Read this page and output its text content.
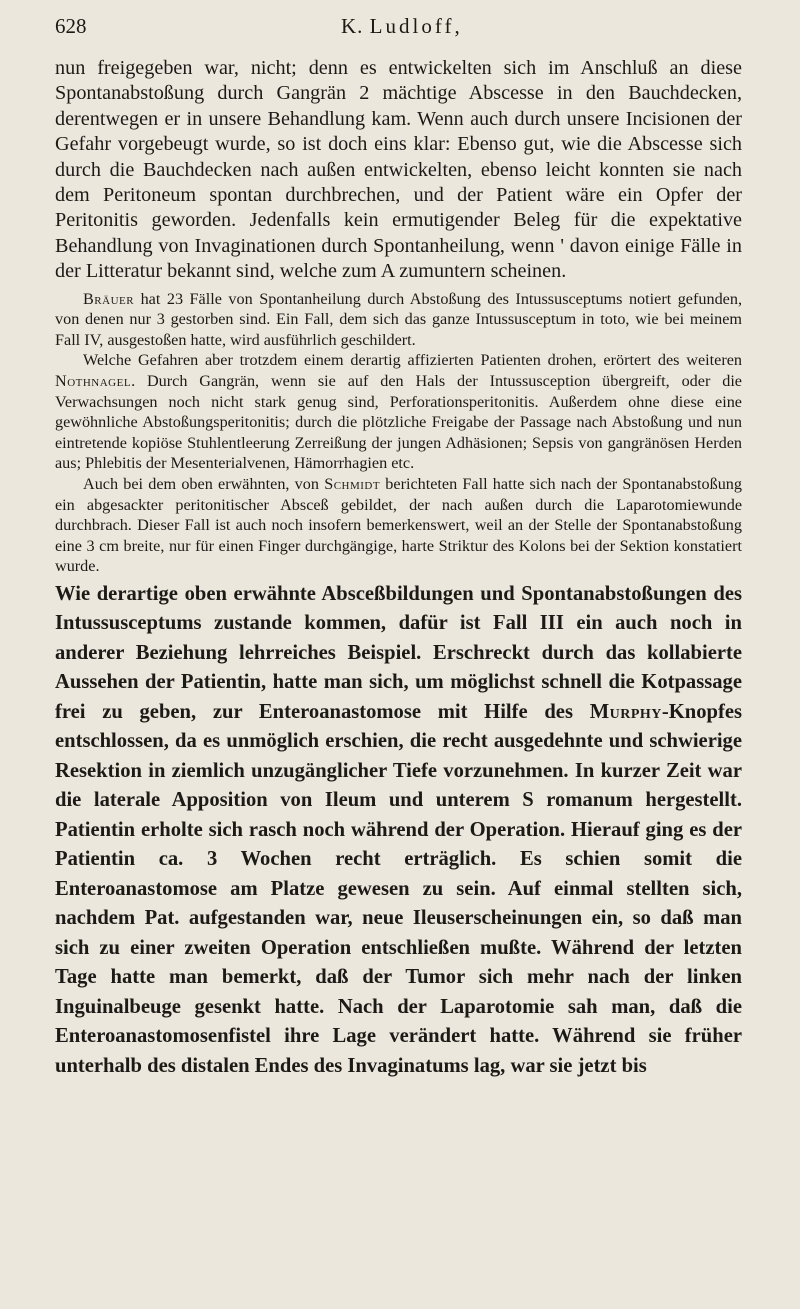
628	K. Ludloff,

nun freigegeben war, nicht; denn es entwickelten sich im Anschluß an diese Spontanabstoßung durch Gangrän 2 mächtige Abscesse in den Bauchdecken, derentwegen er in unsere Behandlung kam. Wenn auch durch unsere Incisionen der Gefahr vorgebeugt wurde, so ist doch eins klar: Ebenso gut, wie die Abscesse sich durch die Bauchdecken nach außen entwickelten, ebenso leicht konnten sie nach dem Peritoneum spontan durchbrechen, und der Patient wäre ein Opfer der Peritonitis geworden. Jedenfalls kein ermutigender Beleg für die expektative Behandlung von Invaginationen durch Spontanheilung, wenn ' davon einige Fälle in der Litteratur bekannt sind, welche zum A zumuntern scheinen.

Bräuer hat 23 Fälle von Spontanheilung durch Abstoßung des Intussusceptums notiert gefunden, von denen nur 3 gestorben sind. Ein Fall, dem sich das ganze Intussusceptum in toto, wie bei meinem Fall IV, ausgestoßen hatte, wird ausführlich geschildert.

Welche Gefahren aber trotzdem einem derartig affizierten Patienten drohen, erörtert des weiteren Nothnagel. Durch Gangrän, wenn sie auf den Hals der Intussusception übergreift, oder die Verwachsungen noch nicht stark genug sind, Perforationsperitonitis. Außerdem ohne diese eine gewöhnliche Abstoßungsperitonitis; durch die plötzliche Freigabe der Passage nach Abstoßung und nun eintretende kopiöse Stuhlentleerung Zerreißung der jungen Adhäsionen; Sepsis von gangränösen Herden aus; Phlebitis der Mesenterialvenen, Hämorrhagien etc.

Auch bei dem oben erwähnten, von Schmidt berichteten Fall hatte sich nach der Spontanabstoßung ein abgesackter peritonitischer Absceß gebildet, der nach außen durch die Laparotomiewunde durchbrach. Dieser Fall ist auch noch insofern bemerkenswert, weil an der Stelle der Spontanabstoßung eine 3 cm breite, nur für einen Finger durchgängige, harte Striktur des Kolons bei der Sektion konstatiert wurde.

Wie derartige oben erwähnte Absceßbildungen und Spontanabstoßungen des Intussusceptums zustande kommen, dafür ist Fall III ein auch noch in anderer Beziehung lehrreiches Beispiel. Erschreckt durch das kollabierte Aussehen der Patientin, hatte man sich, um möglichst schnell die Kotpassage frei zu geben, zur Enteroanastomose mit Hilfe des Murphy-Knopfes entschlossen, da es unmöglich erschien, die recht ausgedehnte und schwierige Resektion in ziemlich unzugänglicher Tiefe vorzunehmen. In kurzer Zeit war die laterale Apposition von Ileum und unterem S romanum hergestellt. Patientin erholte sich rasch noch während der Operation. Hierauf ging es der Patientin ca. 3 Wochen recht erträglich. Es schien somit die Enteroanastomose am Platze gewesen zu sein. Auf einmal stellten sich, nachdem Pat. aufgestanden war, neue Ileuserscheinungen ein, so daß man sich zu einer zweiten Operation entschließen mußte. Während der letzten Tage hatte man bemerkt, daß der Tumor sich mehr nach der linken Inguinalbeuge gesenkt hatte. Nach der Laparotomie sah man, daß die Enteroanastomosenfistel ihre Lage verändert hatte. Während sie früher unterhalb des distalen Endes des Invaginatums lag, war sie jetzt bis
